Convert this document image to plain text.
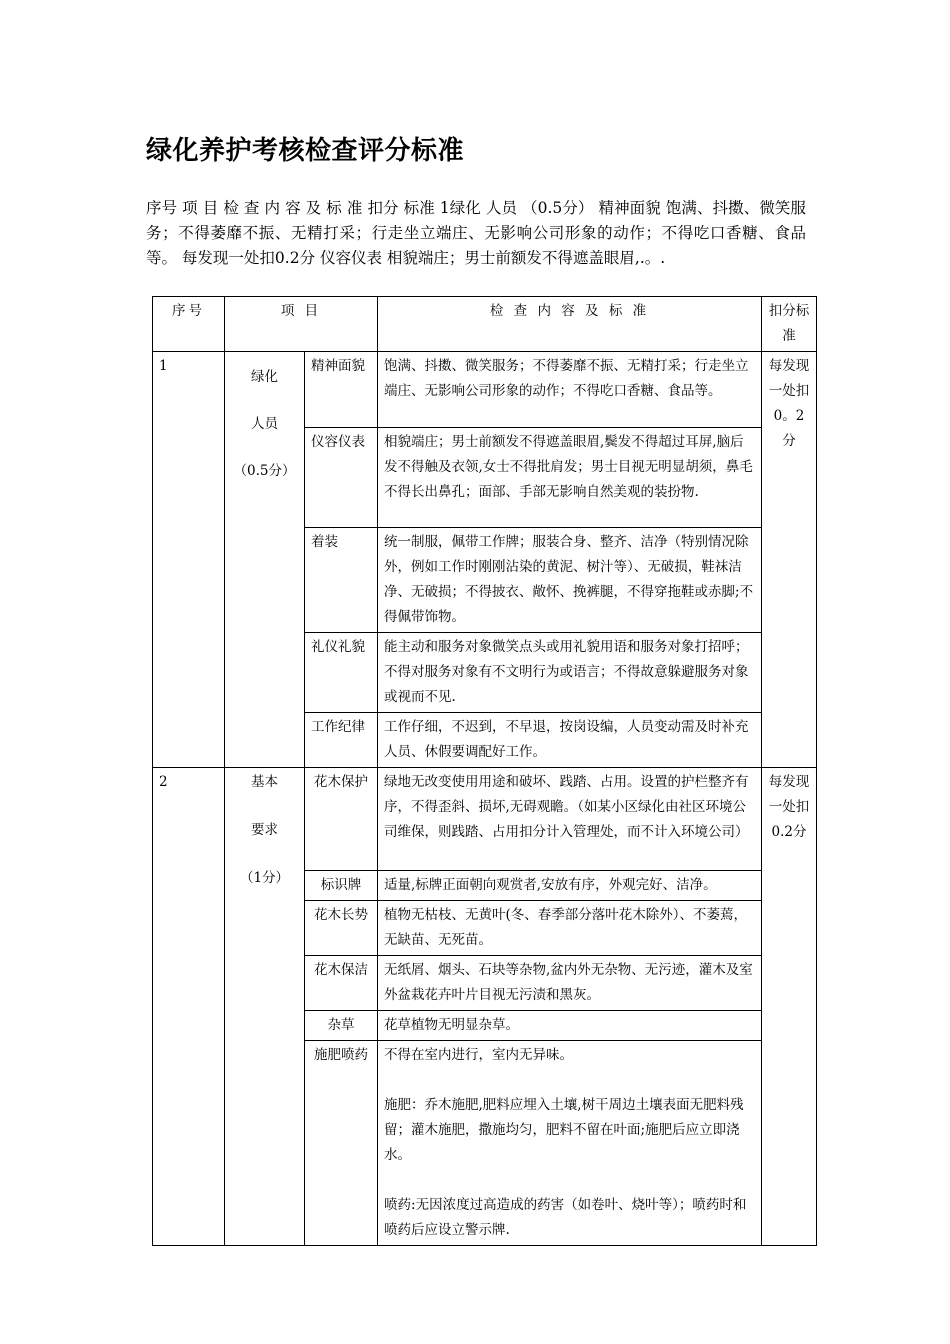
绿化养护考核检查评分标准

序号 项 目 检 查 内 容 及 标 准 扣分 标准 1绿化 人员 （0.5分） 精神面貌 饱满、抖擞、微笑服务；不得萎靡不振、无精打采；行走坐立端庄、无影响公司形象的动作；不得吃口香糖、食品等。 每发现一处扣0.2分 仪容仪表 相貌端庄；男士前额发不得遮盖眼眉,.。.

序号	项 目		检 查 内 容 及 标 准	扣分标准
1	绿化
人员
（0.5分）	精神面貌	饱满、抖擞、微笑服务；不得萎靡不振、无精打采；行走坐立端庄、无影响公司形象的动作；不得吃口香糖、食品等。	每发现一处扣0。2分
		仪容仪表	相貌端庄；男士前额发不得遮盖眼眉,鬓发不得超过耳屏,脑后发不得触及衣领,女士不得批肩发；男士目视无明显胡须，鼻毛不得长出鼻孔；面部、手部无影响自然美观的装扮物.	
		着装	统一制服，佩带工作牌；服装合身、整齐、洁净（特别情况除外，例如工作时刚刚沾染的黄泥、树汁等）、无破损，鞋袜洁净、无破损；不得披衣、敞怀、挽裤腿，不得穿拖鞋或赤脚;不得佩带饰物。	
		礼仪礼貌	能主动和服务对象微笑点头或用礼貌用语和服务对象打招呼；不得对服务对象有不文明行为或语言；不得故意躲避服务对象或视而不见.	
		工作纪律	工作仔细，不迟到，不早退，按岗设编，人员变动需及时补充人员、休假要调配好工作。	
2	基本
要求
（1分）	花木保护	绿地无改变使用用途和破坏、践踏、占用。设置的护栏整齐有序，不得歪斜、损坏,无碍观瞻。（如某小区绿化由社区环境公司维保，则践踏、占用扣分计入管理处，而不计入环境公司）	每发现一处扣0.2分
		标识牌	适量,标牌正面朝向观赏者,安放有序，外观完好、洁净。	
		花木长势	植物无枯枝、无黄叶(冬、春季部分落叶花木除外）、不萎蔫，无缺苗、无死苗。	
		花木保洁	无纸屑、烟头、石块等杂物,盆内外无杂物、无污迹，灌木及室外盆栽花卉叶片目视无污渍和黑灰。	
		杂草	花草植物无明显杂草。	
		施肥喷药	不得在室内进行，室内无异味。
施肥：乔木施肥,肥料应埋入土壤,树干周边土壤表面无肥料残留；灌木施肥，撒施均匀，肥料不留在叶面;施肥后应立即浇水。
喷药:无因浓度过高造成的药害（如卷叶、烧叶等）；喷药时和喷药后应设立警示牌.	
